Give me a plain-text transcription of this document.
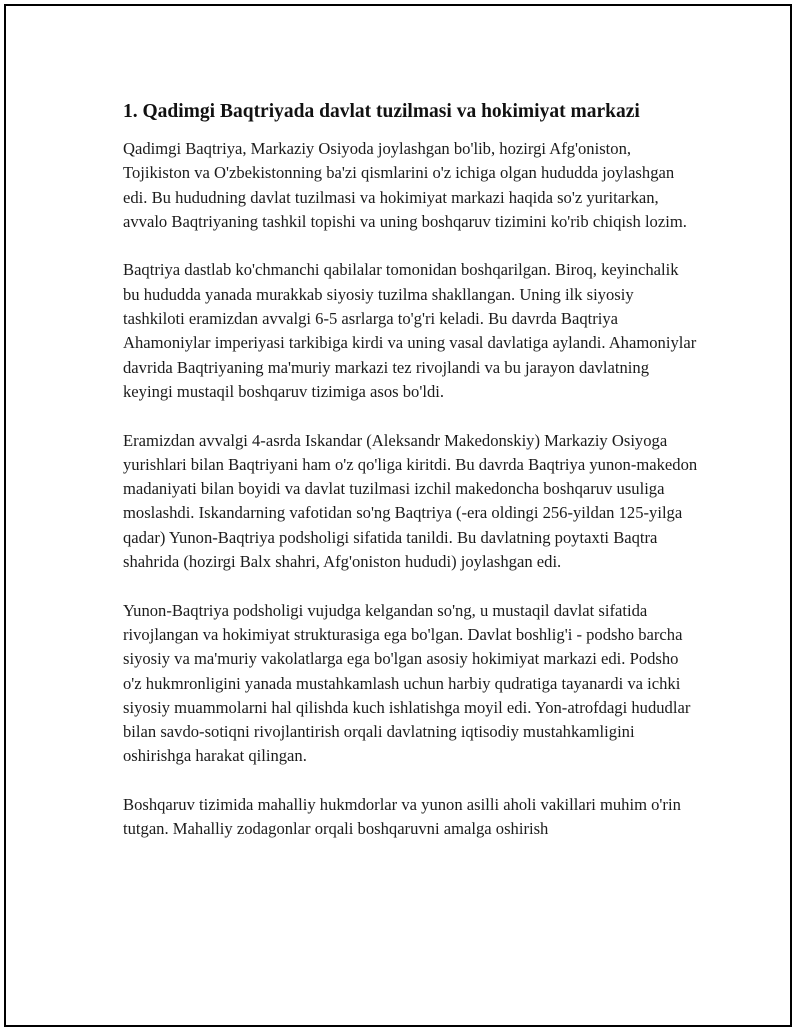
1. Qadimgi Baqtriyada davlat tuzilmasi va hokimiyat markazi

Qadimgi Baqtriya, Markaziy Osiyoda joylashgan bo'lib, hozirgi Afg'oniston, Tojikiston va O'zbekistonning ba'zi qismlarini o'z ichiga olgan hududda joylashgan edi. Bu hududning davlat tuzilmasi va hokimiyat markazi haqida so'z yuritarkan, avvalo Baqtriyaning tashkil topishi va uning boshqaruv tizimini ko'rib chiqish lozim.

Baqtriya dastlab ko'chmanchi qabilalar tomonidan boshqarilgan. Biroq, keyinchalik bu hududda yanada murakkab siyosiy tuzilma shakllangan. Uning ilk siyosiy tashkiloti eramizdan avvalgi 6-5 asrlarga to'g'ri keladi. Bu davrda Baqtriya Ahamoniylar imperiyasi tarkibiga kirdi va uning vasal davlatiga aylandi. Ahamoniylar davrida Baqtriyaning ma'muriy markazi tez rivojlandi va bu jarayon davlatning keyingi mustaqil boshqaruv tizimiga asos bo'ldi.

Eramizdan avvalgi 4-asrda Iskandar (Aleksandr Makedonskiy) Markaziy Osiyoga yurishlari bilan Baqtriyani ham o'z qo'liga kiritdi. Bu davrda Baqtriya yunon-makedon madaniyati bilan boyidi va davlat tuzilmasi izchil makedoncha boshqaruv usuliga moslashdi. Iskandarning vafotidan so'ng Baqtriya (-era oldingi 256-yildan 125-yilga qadar) Yunon-Baqtriya podsholigi sifatida tanildi. Bu davlatning poytaxti Baqtra shahrida (hozirgi Balx shahri, Afg'oniston hududi) joylashgan edi.

Yunon-Baqtriya podsholigi vujudga kelgandan so'ng, u mustaqil davlat sifatida rivojlangan va hokimiyat strukturasiga ega bo'lgan. Davlat boshlig'i - podsho barcha siyosiy va ma'muriy vakolatlarga ega bo'lgan asosiy hokimiyat markazi edi. Podsho o'z hukmronligini yanada mustahkamlash uchun harbiy qudratiga tayanardi va ichki siyosiy muammolarni hal qilishda kuch ishlatishga moyil edi. Yon-atrofdagi hududlar bilan savdo-sotiqni rivojlantirish orqali davlatning iqtisodiy mustahkamligini oshirishga harakat qilingan.

Boshqaruv tizimida mahalliy hukmdorlar va yunon asilli aholi vakillari muhim o'rin tutgan. Mahalliy zodagonlar orqali boshqaruvni amalga oshirish
